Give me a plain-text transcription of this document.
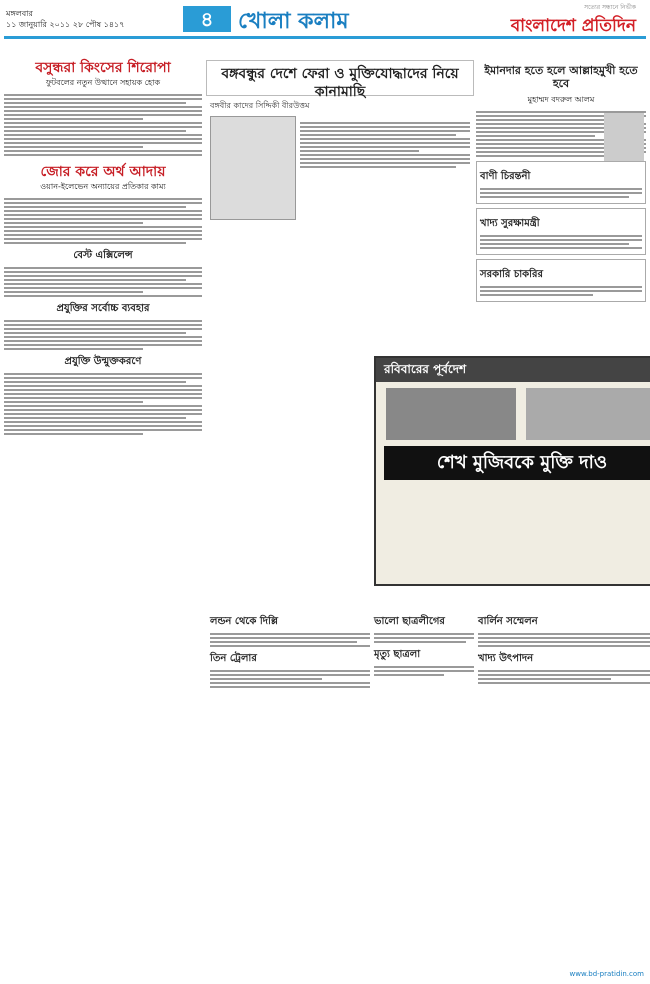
মঙ্গলবার
১১ জানুয়ারি ২০১১ ২৮ পৌষ ১৪১৭	৪	খোলা কলাম
সত্যের সন্ধানে নির্ভীক
বাংলাদেশ প্রতিদিন
বসুন্ধরা কিংসের শিরোপা
ফুটবলের নতুন উত্থানে সহায়ক হোক
জোর করে অর্থ আদায়
ওয়ান-ইলেভেন অন্যায়ের প্রতিকার কাম্য
বেস্ট এক্সিলেন্স
প্রযুক্তির সর্বোচ্চ ব্যবহার
প্রযুক্তি উন্মুক্তকরণে
বঙ্গবন্ধুর দেশে ফেরা ও মুক্তিযোদ্ধাদের নিয়ে কানামাছি
বঙ্গবীর কাদের সিদ্দিকী বীরউত্তম
রবিবারের পূর্বদেশ
শেখ মুজিবকে মুক্তি দাও
লন্ডন থেকে দিল্লি
তিন ট্রেলার
ভালো ছাত্রলীগের
মৃত্যু ছাত্রলা
বার্লিন সম্মেলন
খাদ্য উৎপাদন
ইমানদার হতে হলে আল্লাহমুখী হতে হবে
মুহাম্মদ বদরুল আলম
বাণী চিরন্তনী
খাদ্য সুরক্ষামন্ত্রী
সরকারি চাকরির
www.bd-pratidin.com
